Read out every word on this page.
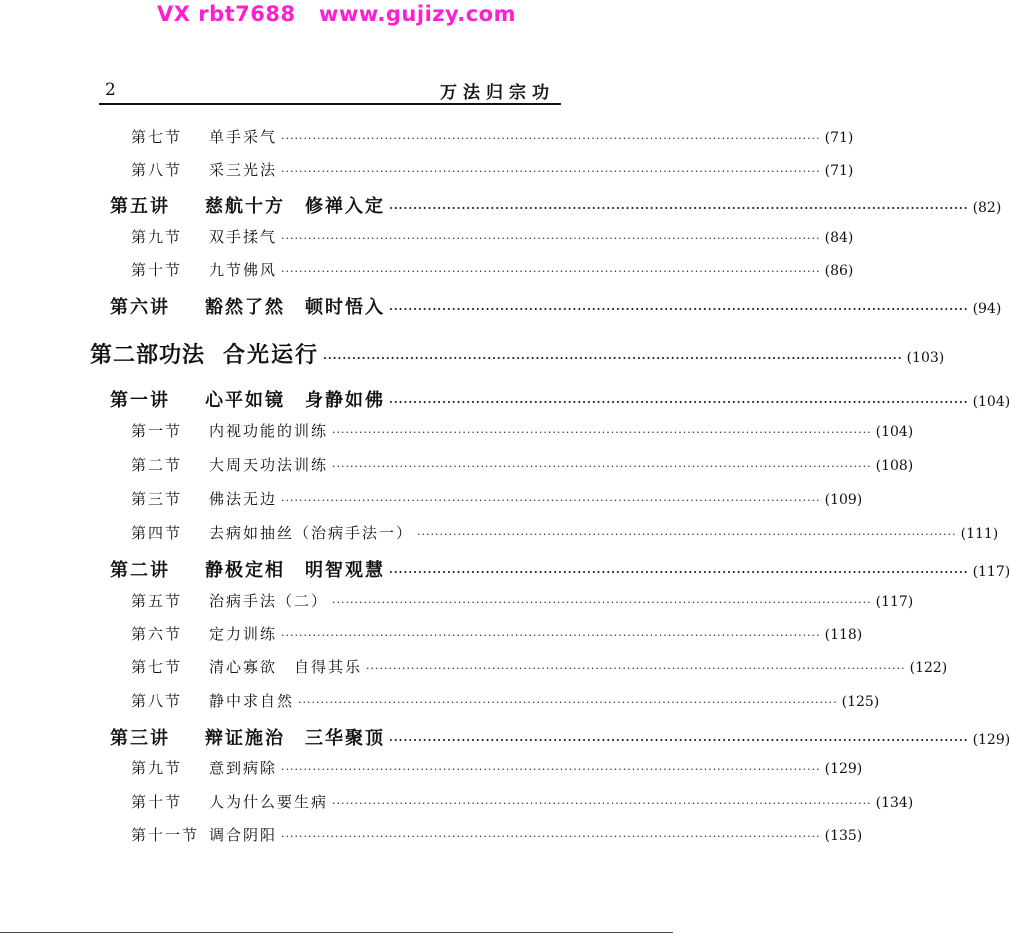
VX rbt7688   www.gujizy.com
2	万法归宗功
第七节	单手采气 ························································································································ (71)
第八节	采三光法 ························································································································ (71)
第五讲	慈航十方　修禅入定 ························································································································ (82)
第九节	双手揉气 ························································································································ (84)
第十节	九节佛风 ························································································································ (86)
第六讲	豁然了然　顿时悟入 ························································································································ (94)
第二部功法 合光运行 ························································································································ (103)
第一讲	心平如镜　身静如佛 ························································································································ (104)
第一节	内视功能的训练 ························································································································ (104)
第二节	大周天功法训练 ························································································································ (108)
第三节	佛法无边 ························································································································ (109)
第四节	去病如抽丝（治病手法一） ························································································································ (111)
第二讲	静极定相　明智观慧 ························································································································ (117)
第五节	治病手法（二） ························································································································ (117)
第六节	定力训练 ························································································································ (118)
第七节	清心寡欲　自得其乐 ························································································································ (122)
第八节	静中求自然 ························································································································ (125)
第三讲	辩证施治　三华聚顶 ························································································································ (129)
第九节	意到病除 ························································································································ (129)
第十节	人为什么要生病 ························································································································ (134)
第十一节 调合阴阳 ························································································································ (135)
